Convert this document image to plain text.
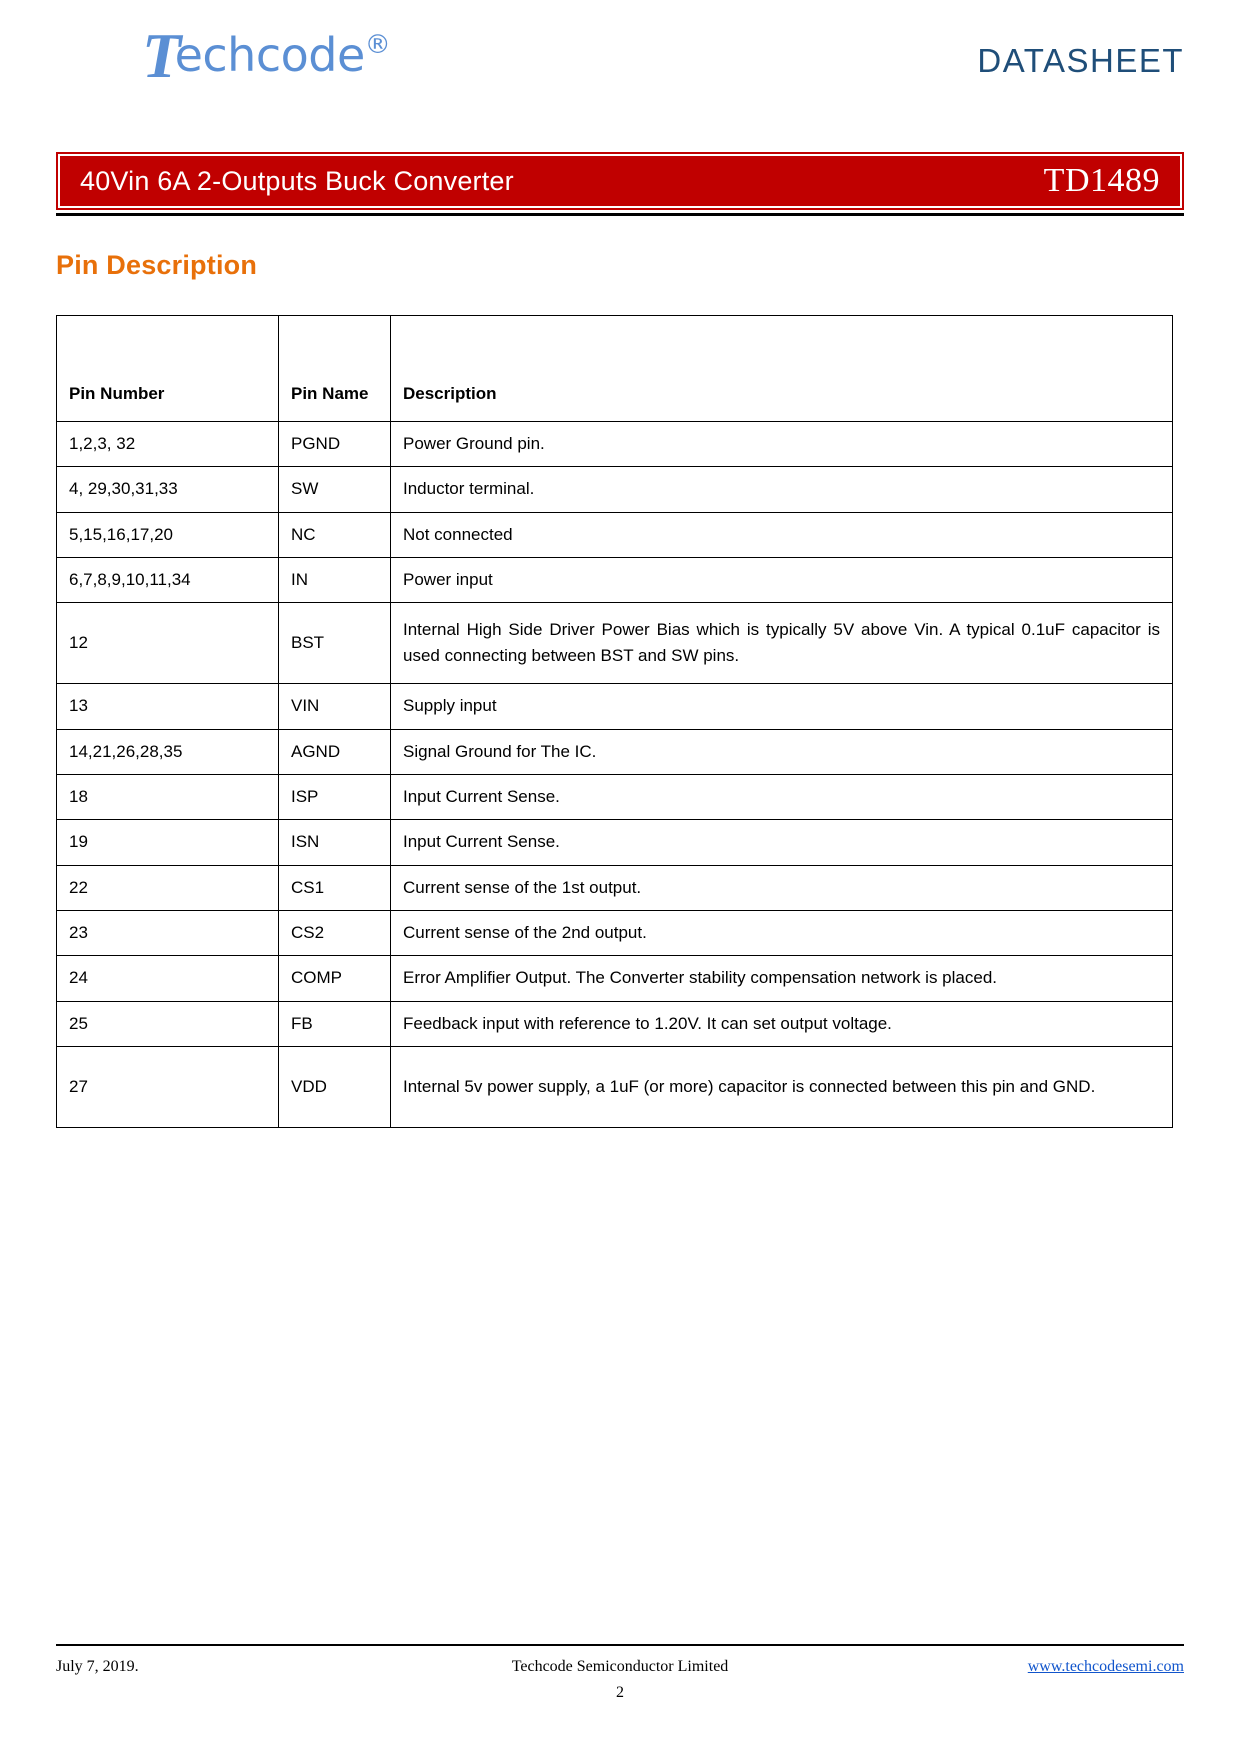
Techcode®	DATASHEET
40Vin 6A 2-Outputs Buck Converter	TD1489
Pin Description
Pin Number	Pin Name	Description
1,2,3, 32	PGND	Power Ground pin.
4, 29,30,31,33	SW	Inductor terminal.
5,15,16,17,20	NC	Not connected
6,7,8,9,10,11,34	IN	Power input
12	BST	Internal High Side Driver Power Bias which is typically 5V above Vin. A typical 0.1uF capacitor is used connecting between BST and SW pins.
13	VIN	Supply input
14,21,26,28,35	AGND	Signal Ground for The IC.
18	ISP	Input Current Sense.
19	ISN	Input Current Sense.
22	CS1	Current sense of the 1st output.
23	CS2	Current sense of the 2nd output.
24	COMP	Error Amplifier Output. The Converter stability compensation network is placed.
25	FB	Feedback input with reference to 1.20V. It can set output voltage.
27	VDD	Internal 5v power supply, a 1uF (or more) capacitor is connected between this pin and GND.
July 7, 2019.	Techcode Semiconductor Limited	www.techcodesemi.com
2
